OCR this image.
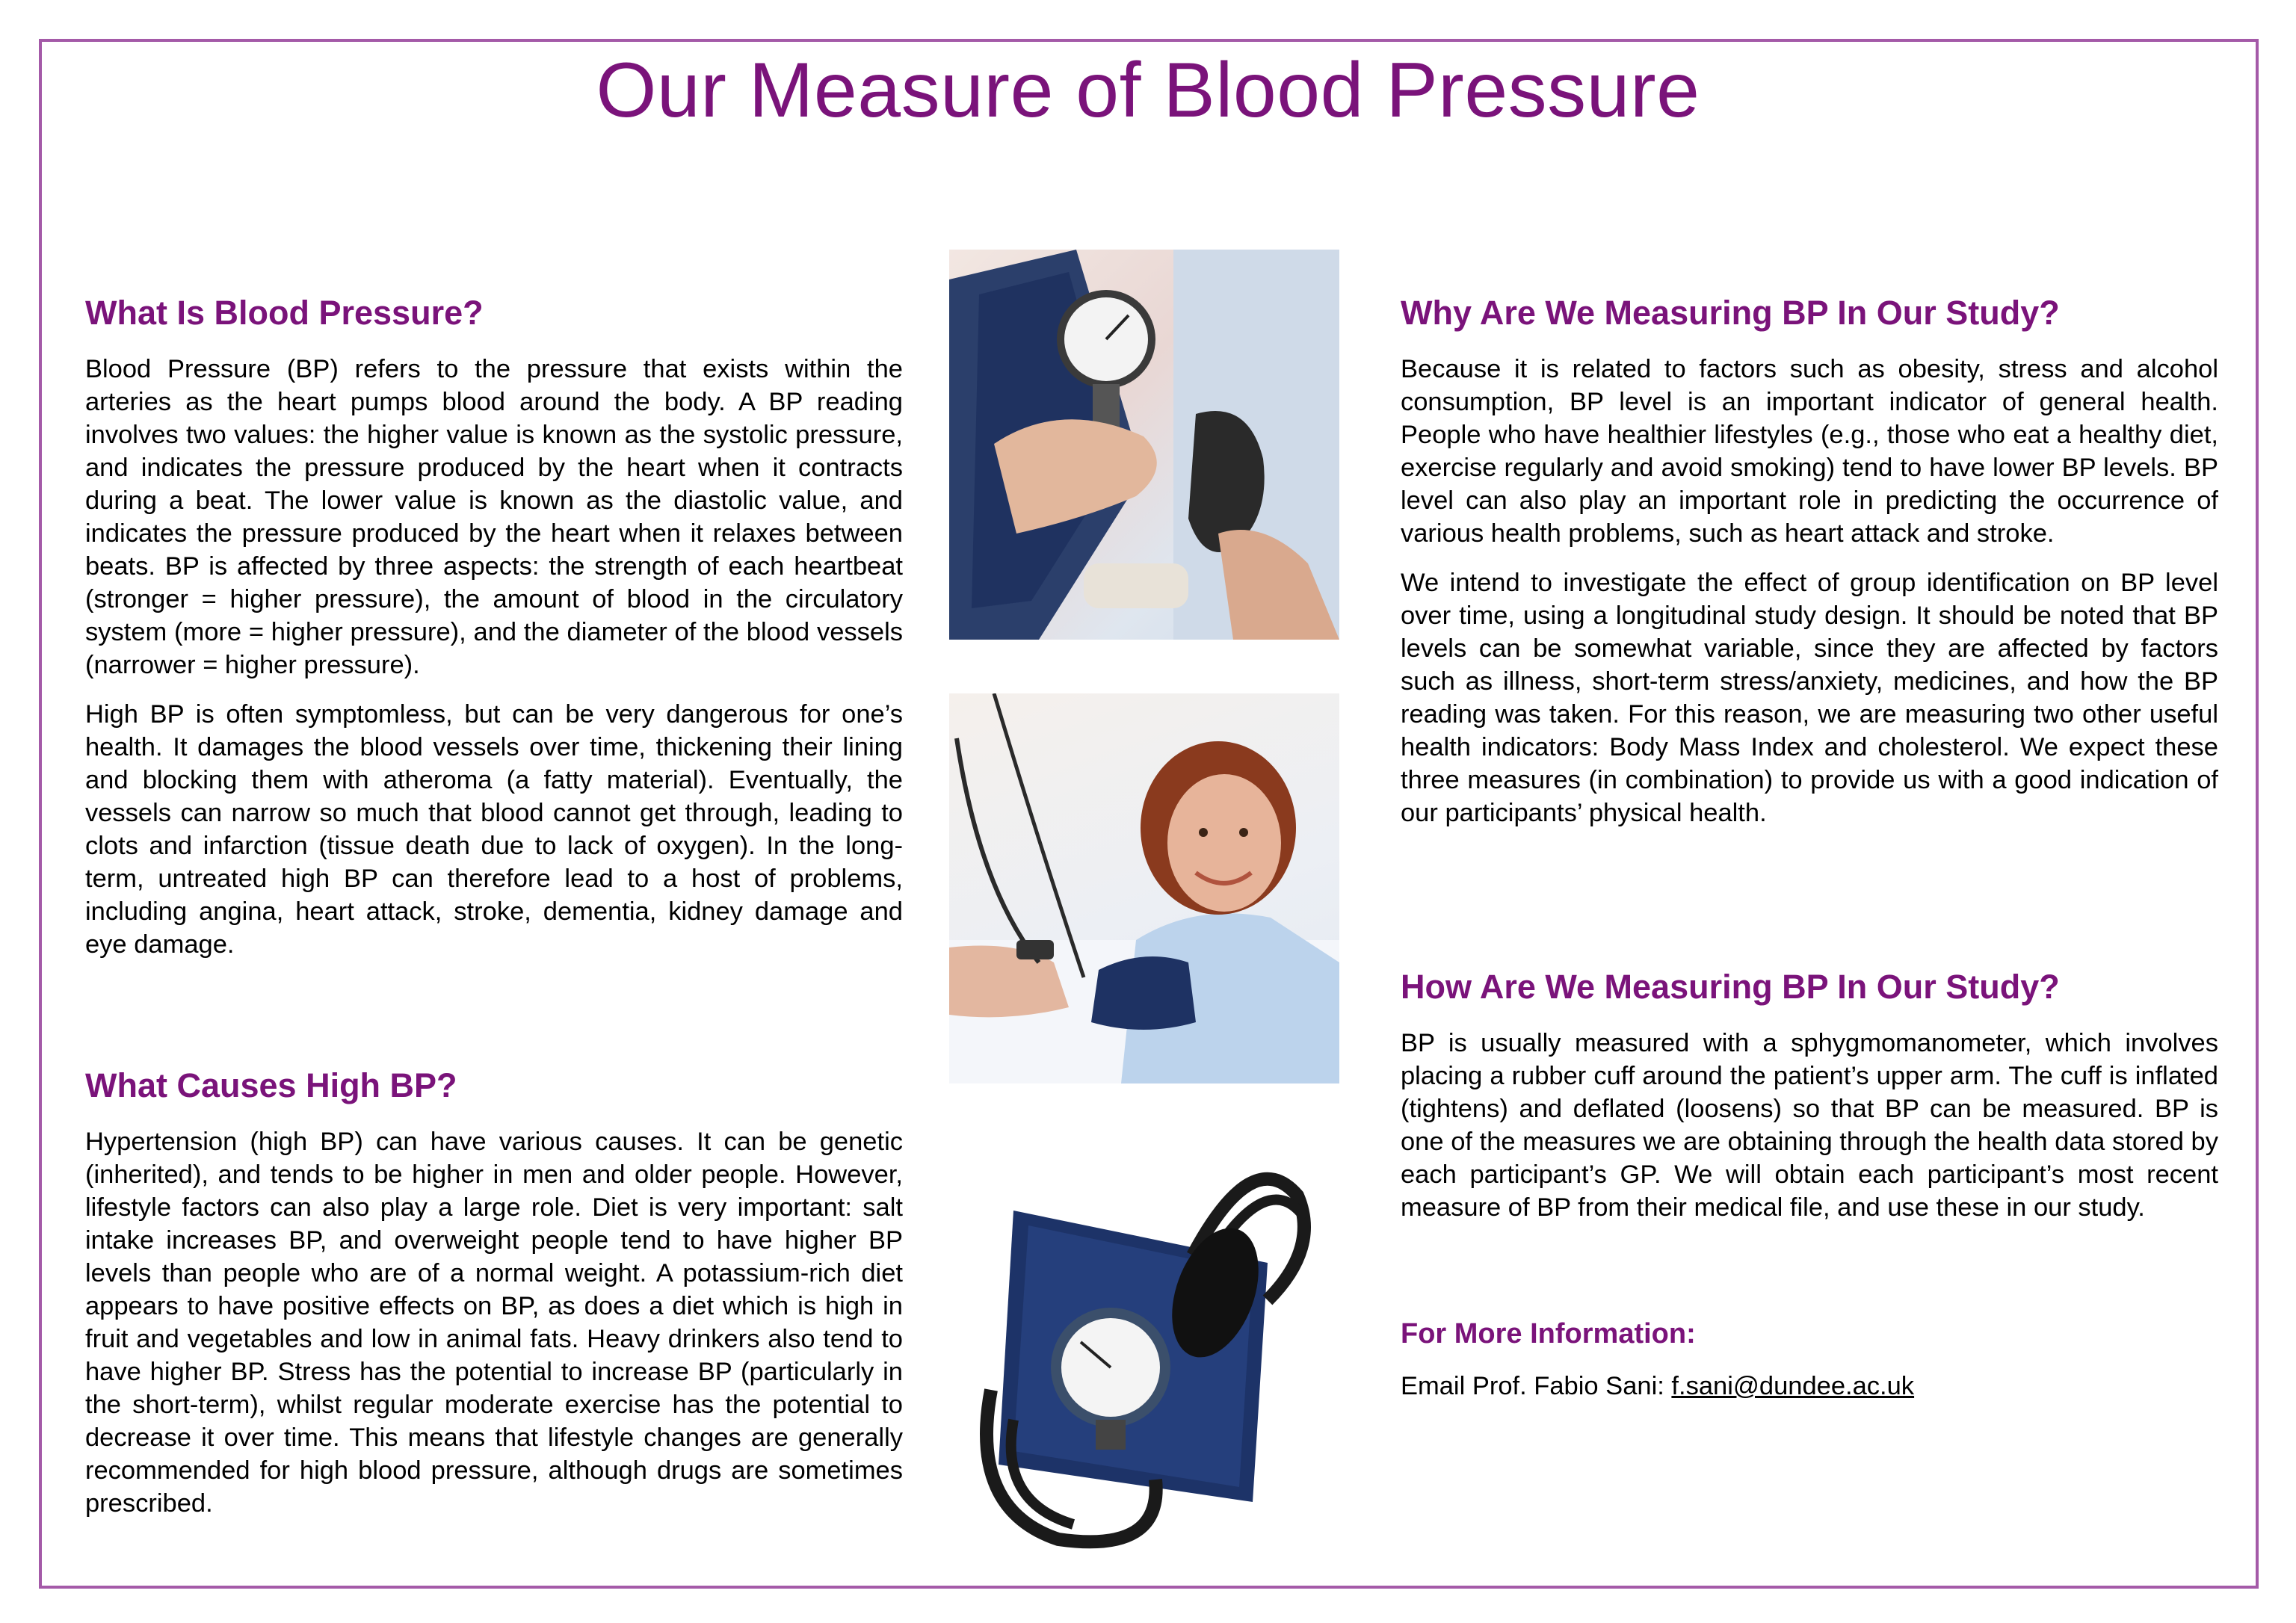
Our Measure of Blood Pressure
What Is Blood Pressure?

Blood Pressure (BP) refers to the pressure that exists within the arteries as the heart pumps blood around the body. A BP reading involves two values: the higher value is known as the systolic pressure, and indicates the pressure produced by the heart when it contracts during a beat. The lower value is known as the diastolic value, and indicates the pressure produced by the heart when it relaxes between beats. BP is affected by three aspects: the strength of each heartbeat (stronger = higher pressure), the amount of blood in the circulatory system (more = higher pressure), and the diameter of the blood vessels (narrower = higher pressure).

High BP is often symptomless, but can be very dangerous for one’s health. It damages the blood vessels over time, thickening their lining and blocking them with atheroma (a fatty material). Eventually, the vessels can narrow so much that blood cannot get through, leading to clots and infarction (tissue death due to lack of oxygen). In the long-term, untreated high BP can therefore lead to a host of problems, including angina, heart attack, stroke, dementia, kidney damage and eye damage.

What Causes High BP?

Hypertension (high BP) can have various causes. It can be genetic (inherited), and tends to be higher in men and older people. However, lifestyle factors can also play a large role. Diet is very important: salt intake increases BP, and overweight people tend to have higher BP levels than people who are of a normal weight. A potassium-rich diet appears to have positive effects on BP, as does a diet which is high in fruit and vegetables and low in animal fats. Heavy drinkers also tend to have higher BP. Stress has the potential to increase BP (particularly in the short-term), whilst regular moderate exercise has the potential to decrease it over time. This means that lifestyle changes are generally recommended for high blood pressure, although drugs are sometimes prescribed.

Why Are We Measuring BP In Our Study?

Because it is related to factors such as obesity, stress and alcohol consumption, BP level is an important indicator of general health. People who have healthier lifestyles (e.g., those who eat a healthy diet, exercise regularly and avoid smoking) tend to have lower BP levels. BP level can also play an important role in predicting the occurrence of various health problems, such as heart attack and stroke.

We intend to investigate the effect of group identification on BP level over time, using a longitudinal study design. It should be noted that BP levels can be somewhat variable, since they are affected by factors such as illness, short-term stress/anxiety, medicines, and how the BP reading was taken. For this reason, we are measuring two other useful health indicators: Body Mass Index and cholesterol. We expect these three measures (in combination) to provide us with a good indication of our participants’ physical health.

How Are We Measuring BP In Our Study?

BP is usually measured with a sphygmomanometer, which involves placing a rubber cuff around the patient’s upper arm. The cuff is inflated (tightens) and deflated (loosens) so that BP can be measured. BP is one of the measures we are obtaining through the health data stored by each participant’s GP. We will obtain each participant’s most recent measure of BP from their medical file, and use these in our study.

For More Information:

Email Prof. Fabio Sani: f.sani@dundee.ac.uk
